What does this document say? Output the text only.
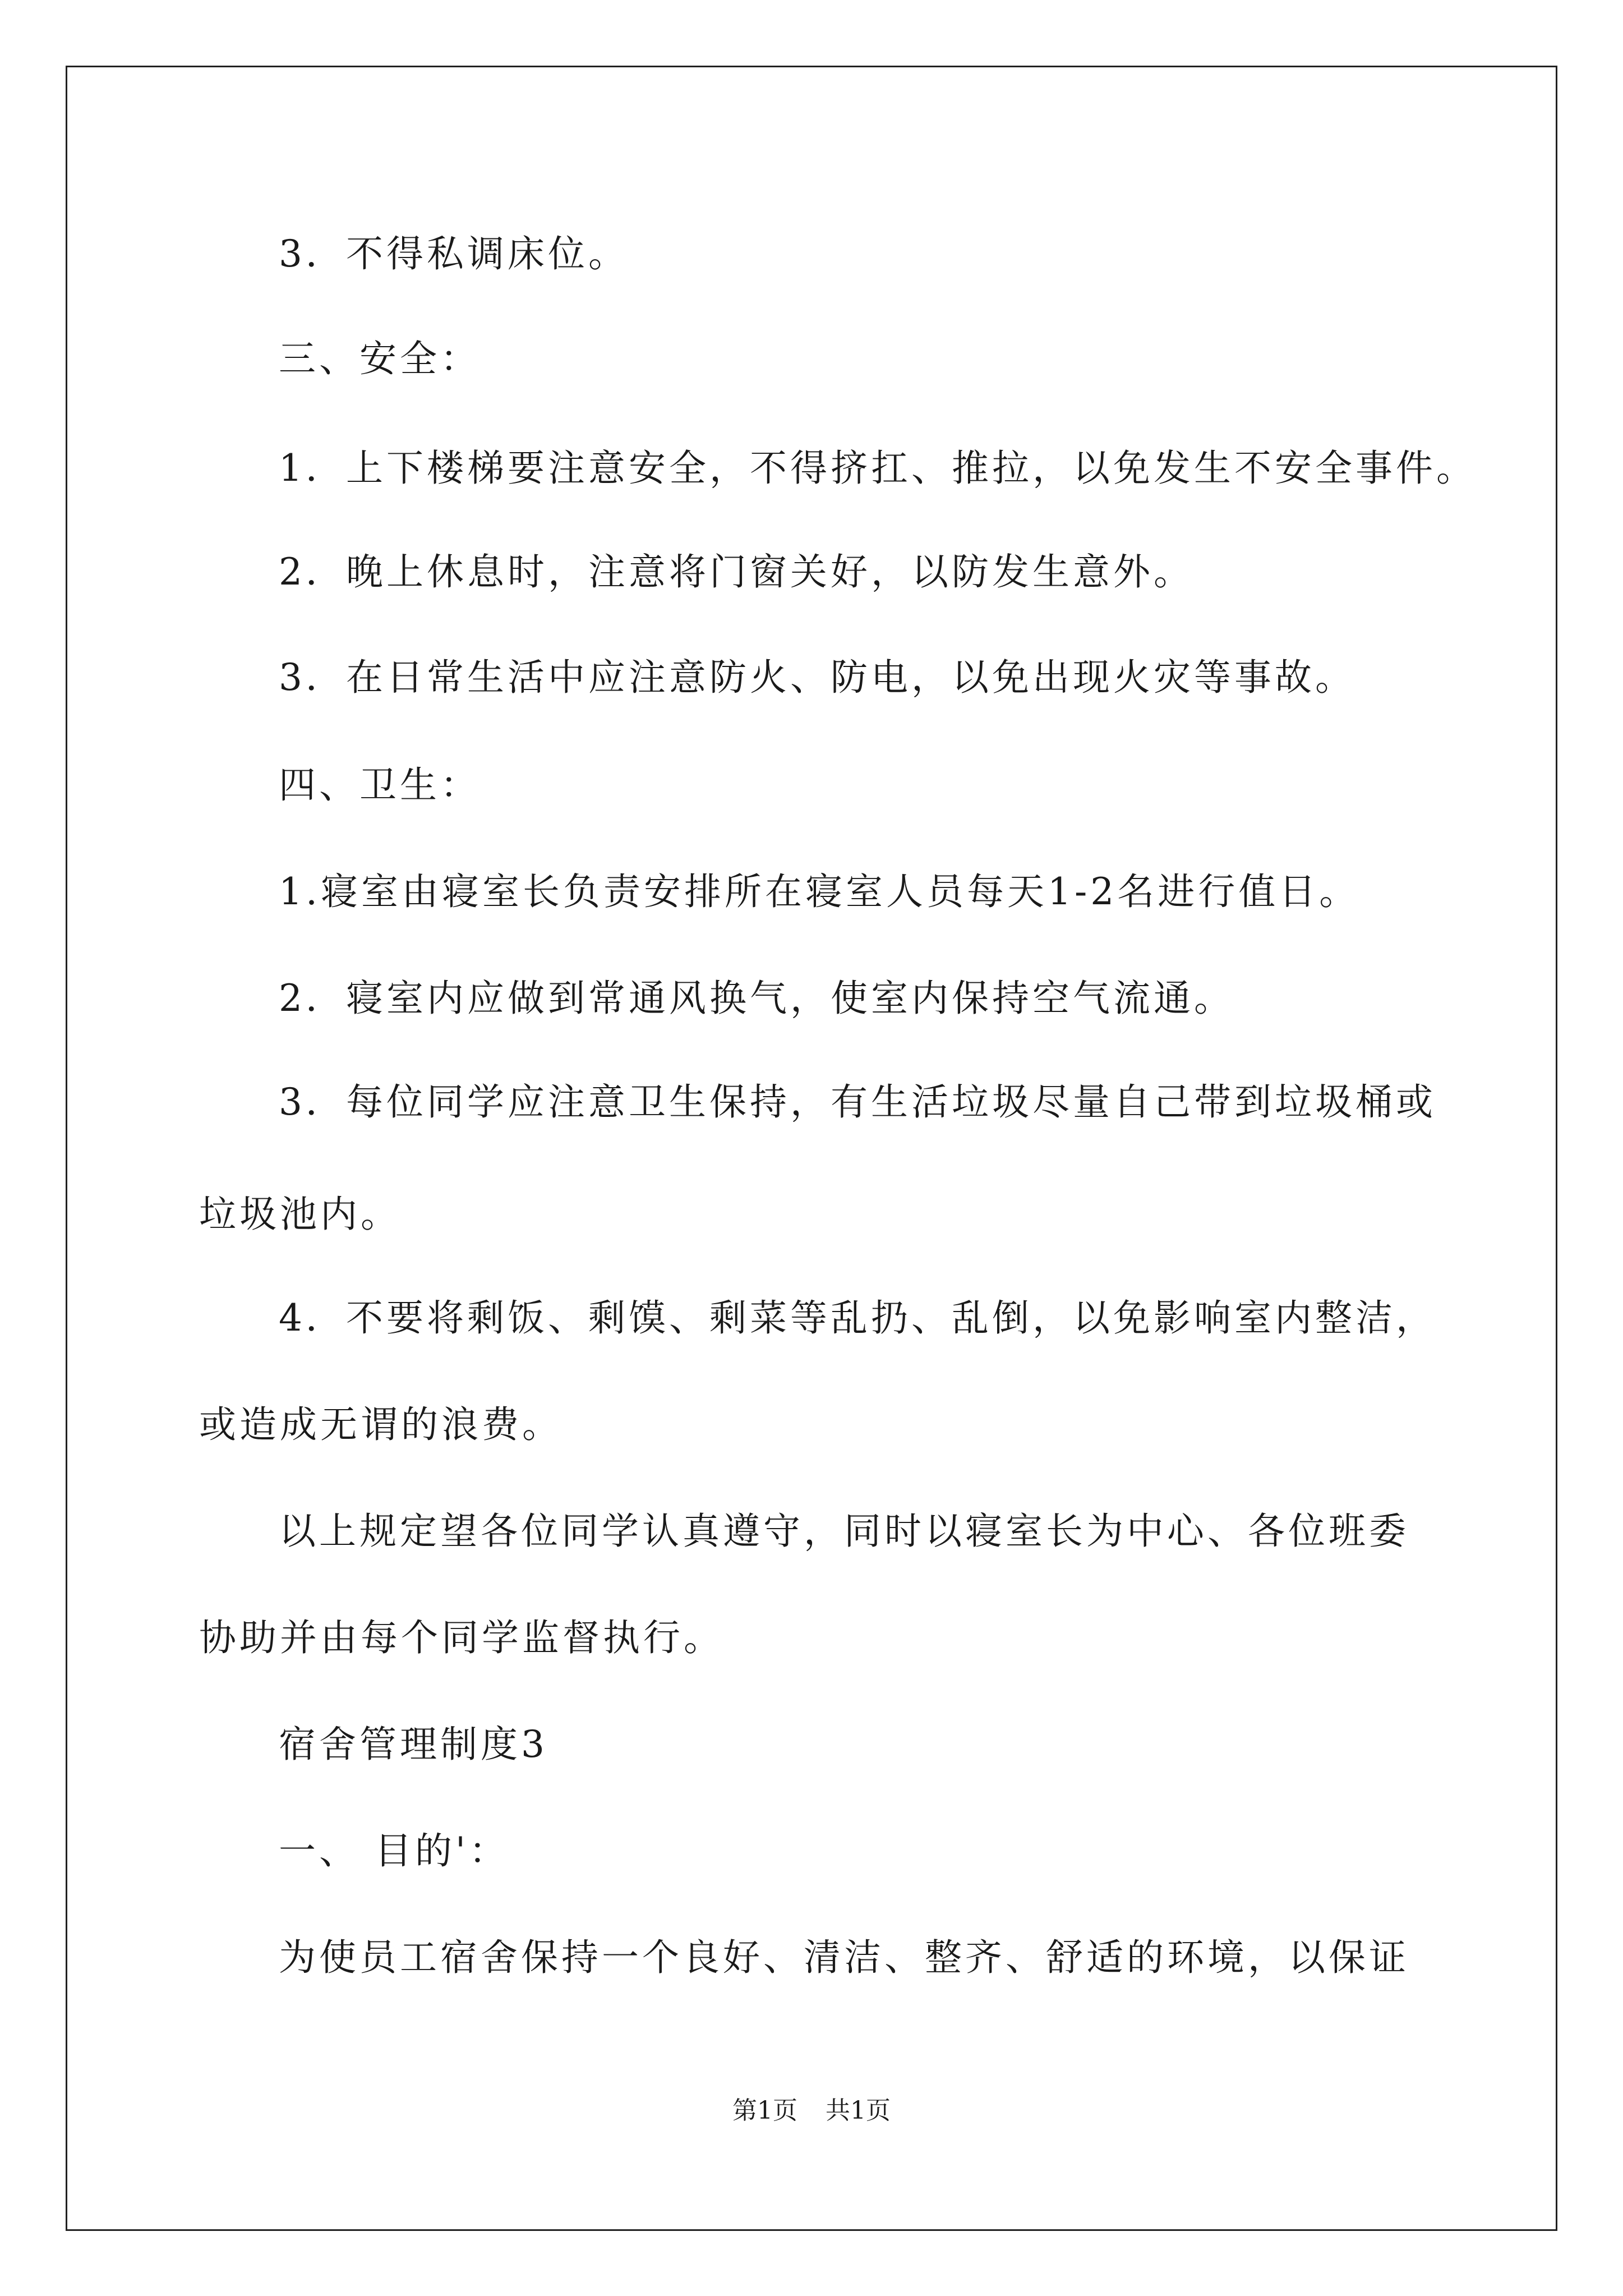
3．不得私调床位。
三、安全：
1．上下楼梯要注意安全，不得挤扛、推拉，以免发生不安全事件。
2．晚上休息时，注意将门窗关好，以防发生意外。
3．在日常生活中应注意防火、防电，以免出现火灾等事故。
四、卫生：
1.寝室由寝室长负责安排所在寝室人员每天1-2名进行值日。
2．寝室内应做到常通风换气，使室内保持空气流通。
3．每位同学应注意卫生保持，有生活垃圾尽量自己带到垃圾桶或
垃圾池内。
4．不要将剩饭、剩馍、剩菜等乱扔、乱倒，以免影响室内整洁，
或造成无谓的浪费。
以上规定望各位同学认真遵守，同时以寝室长为中心、各位班委
协助并由每个同学监督执行。
宿舍管理制度3
一、 目的'：
为使员工宿舍保持一个良好、清洁、整齐、舒适的环境，以保证
第1页 共1页
